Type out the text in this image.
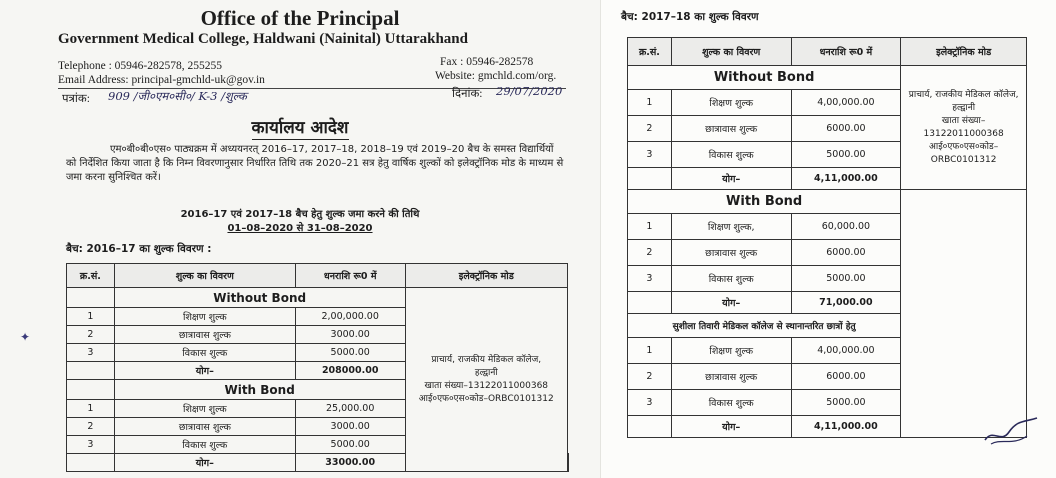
Office of the Principal
Government Medical College, Haldwani (Nainital) Uttarakhand
Telephone : 05946-282578, 255255	Fax : 05946-282578
Email Address: principal-gmchld-uk@gov.in	Website: gmchld.com/org.
पत्रांक: 909 /जी०एम०सी०/ K-3 /शुल्क	दिनांक: 29/07/2020
कार्यालय आदेश
एम०बी०बी०एस० पाठ्यक्रम में अध्ययनरत् 2016–17, 2017–18, 2018–19 एवं 2019–20 बैच के समस्त विद्यार्थियों को निर्देशित किया जाता है कि निम्न विवरणानुसार निर्धारित तिथि तक 2020–21 सत्र हेतु वार्षिक शुल्कों को इलेक्ट्रॉनिक मोड के माध्यम से जमा करना सुनिश्चित करें।
2016–17 एवं 2017–18 बैच हेतु शुल्क जमा करने की तिथि
01–08–2020 से 31–08–2020
बैच: 2016–17 का शुल्क विवरण :
क्र.सं.	शुल्क का विवरण	धनराशि रू0 में	इलेक्ट्रॉनिक मोड	
	Without Bond		प्राचार्य, राजकीय मेडिकल कॉलेज,
हल्द्वानी
खाता संख्या–13122011000368
आई०एफ०एस०कोड–ORBC0101312	

1	शिक्षण शुल्क	2,00,000.00		
2	छात्रावास शुल्क	3000.00		
3	विकास शुल्क	5000.00		
	योग–	208000.00		
	With Bond			
1	शिक्षण शुल्क	25,000.00		
2	छात्रावास शुल्क	3000.00		
3	विकास शुल्क	5000.00		
	योग–	33000.00		
✦
बैच: 2017–18 का शुल्क विवरण
क्र.सं.	शुल्क का विवरण	धनराशि रू0 में	इलेक्ट्रॉनिक मोड
Without Bond			प्राचार्य, राजकीय मेडिकल कॉलेज,
हल्द्वानी
खाता संख्या–13122011000368
आई०एफ०एस०कोड–ORBC0101312

1	शिक्षण शुल्क	4,00,000.00	
2	छात्रावास शुल्क	6000.00	
3	विकास शुल्क	5000.00	
	योग–	4,11,000.00	
With Bond			
1	शिक्षण शुल्क,	60,000.00	
2	छात्रावास शुल्क	6000.00	
3	विकास शुल्क	5000.00	
	योग–	71,000.00	
सुशीला तिवारी मेडिकल कॉलेज से स्थानान्तरित छात्रों हेतु			
1	शिक्षण शुल्क	4,00,000.00	
2	छात्रावास शुल्क	6000.00	
3	विकास शुल्क	5000.00	
	योग–	4,11,000.00	
